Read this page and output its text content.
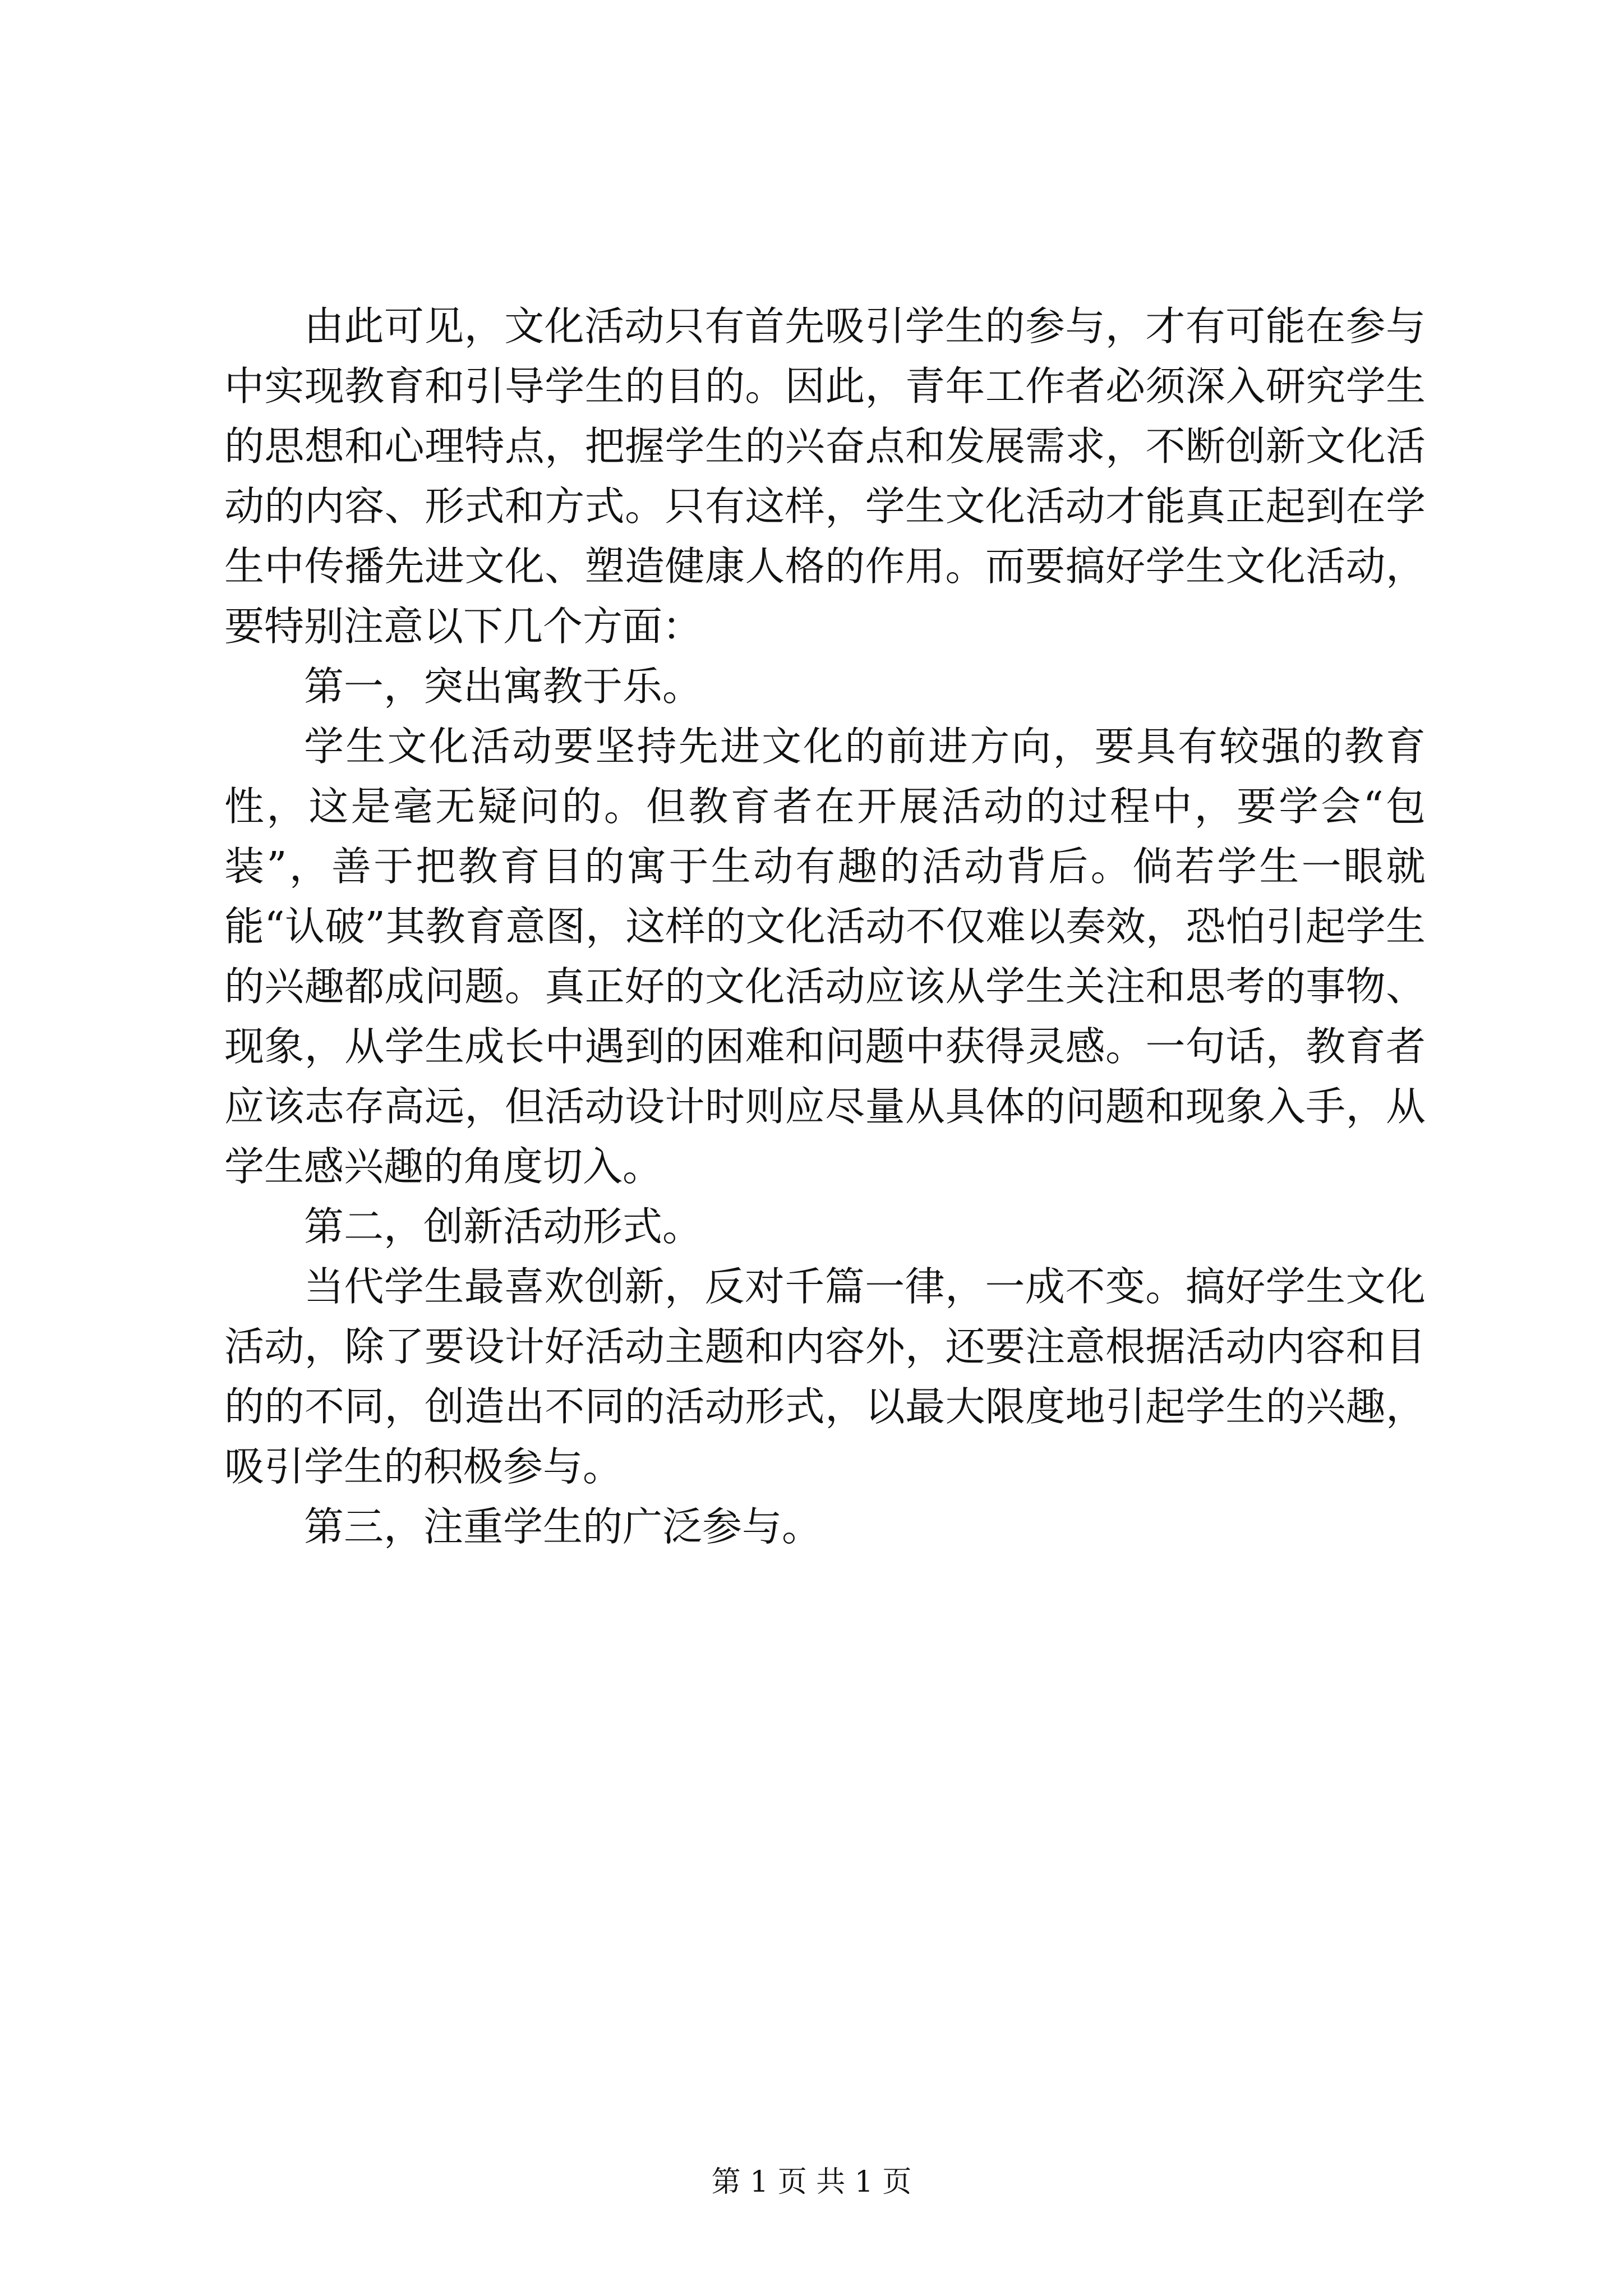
由此可见，文化活动只有首先吸引学生的参与，才有可能在参与中实现教育和引导学生的目的。因此，青年工作者必须深入研究学生的思想和心理特点，把握学生的兴奋点和发展需求，不断创新文化活动的内容、形式和方式。只有这样，学生文化活动才能真正起到在学生中传播先进文化、塑造健康人格的作用。而要搞好学生文化活动，要特别注意以下几个方面：

第一，突出寓教于乐。

学生文化活动要坚持先进文化的前进方向，要具有较强的教育性，这是毫无疑问的。但教育者在开展活动的过程中，要学会“包装”，善于把教育目的寓于生动有趣的活动背后。倘若学生一眼就能“认破”其教育意图，这样的文化活动不仅难以奏效，恐怕引起学生的兴趣都成问题。真正好的文化活动应该从学生关注和思考的事物、现象，从学生成长中遇到的困难和问题中获得灵感。一句话，教育者应该志存高远，但活动设计时则应尽量从具体的问题和现象入手，从学生感兴趣的角度切入。

第二，创新活动形式。

当代学生最喜欢创新，反对千篇一律，一成不变。搞好学生文化活动，除了要设计好活动主题和内容外，还要注意根据活动内容和目的的不同，创造出不同的活动形式，以最大限度地引起学生的兴趣，吸引学生的积极参与。

第三，注重学生的广泛参与。

第 1 页 共 1 页
